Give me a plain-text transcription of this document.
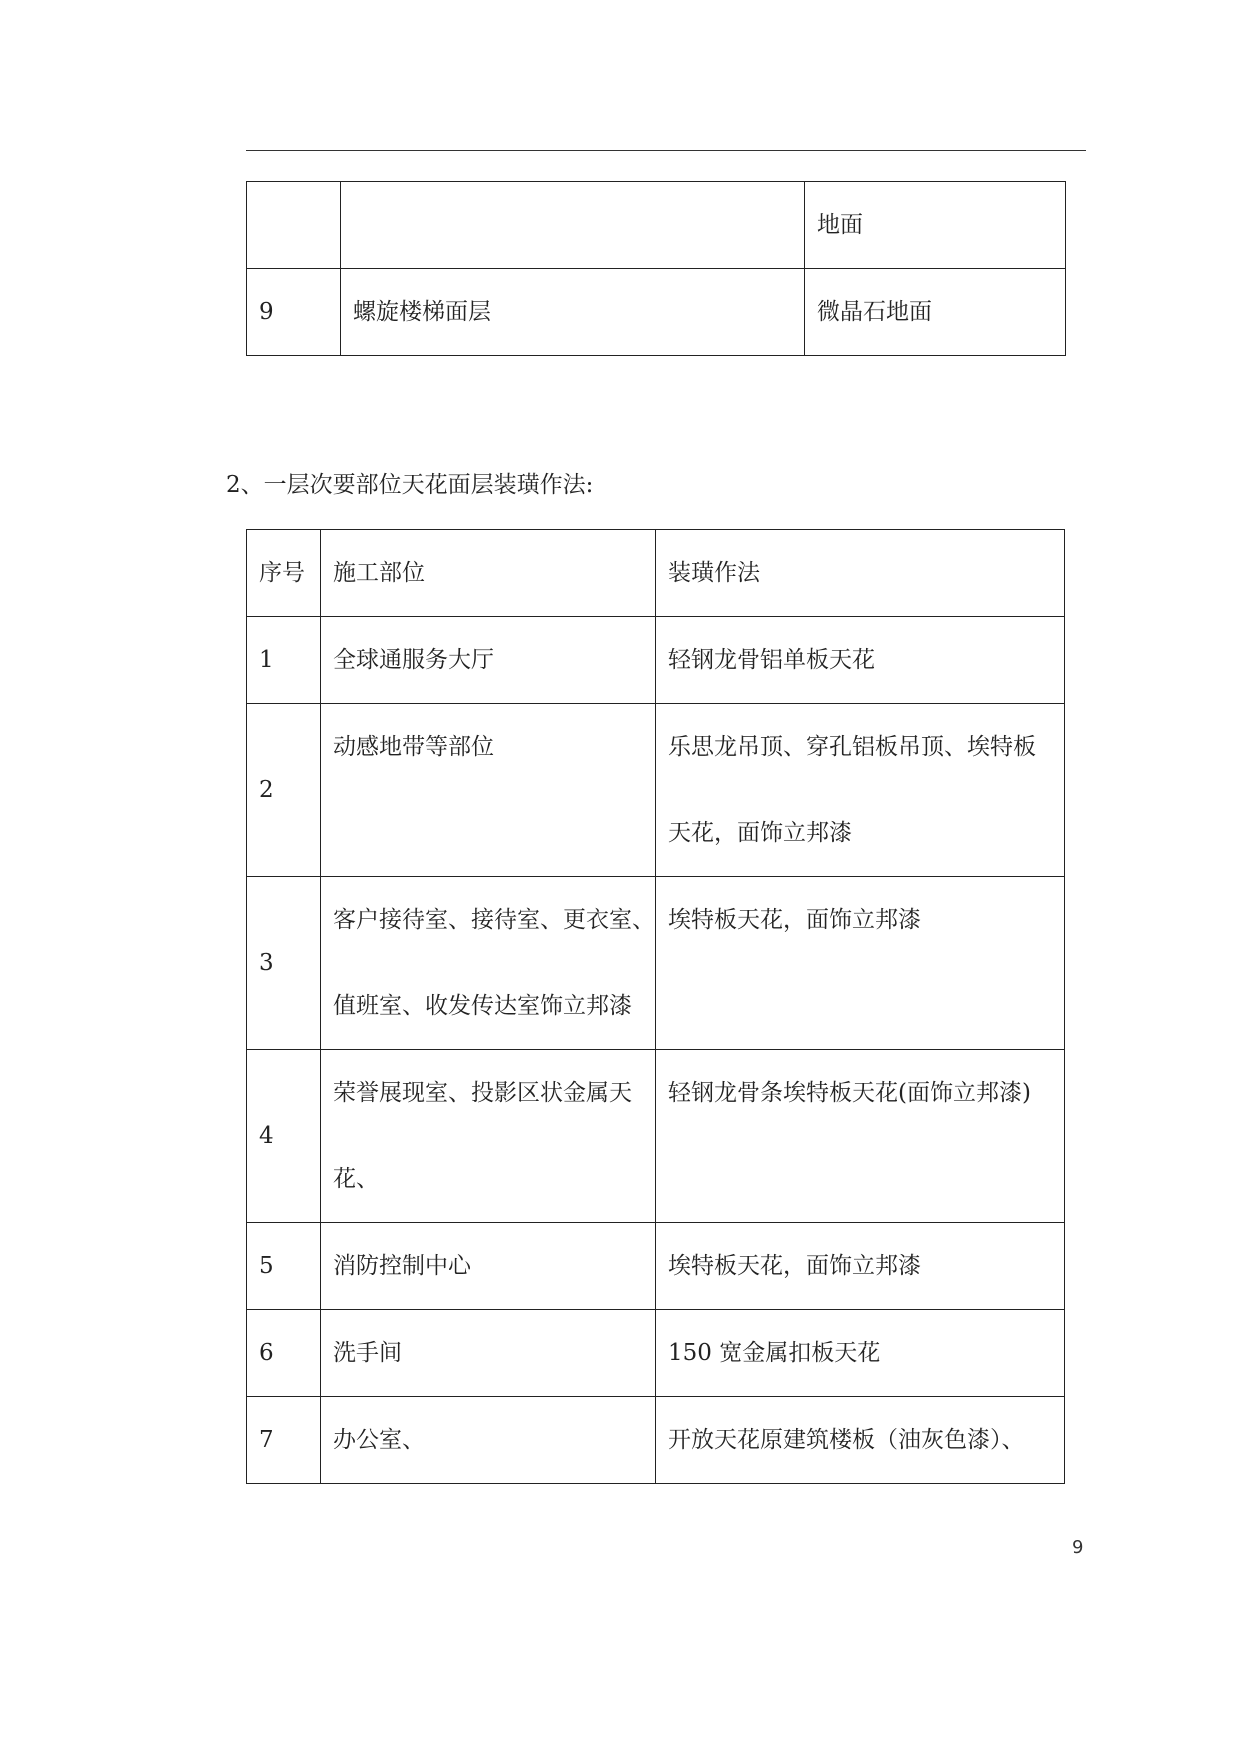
		地面
9	螺旋楼梯面层	微晶石地面
2、一层次要部位天花面层装璜作法:
序号	施工部位	装璜作法
1	全球通服务大厅	轻钢龙骨铝单板天花
2	动感地带等部位	乐思龙吊顶、穿孔铝板吊顶、埃特板
天花，面饰立邦漆

3	客户接待室、接待室、更衣室、
值班室、收发传达室饰立邦漆	埃特板天花，面饰立邦漆

4	荣誉展现室、投影区状金属天
花、	轻钢龙骨条埃特板天花(面饰立邦漆)

5	消防控制中心	埃特板天花，面饰立邦漆
6	洗手间	150 宽金属扣板天花
7	办公室、	开放天花原建筑楼板（油灰色漆）、
9
